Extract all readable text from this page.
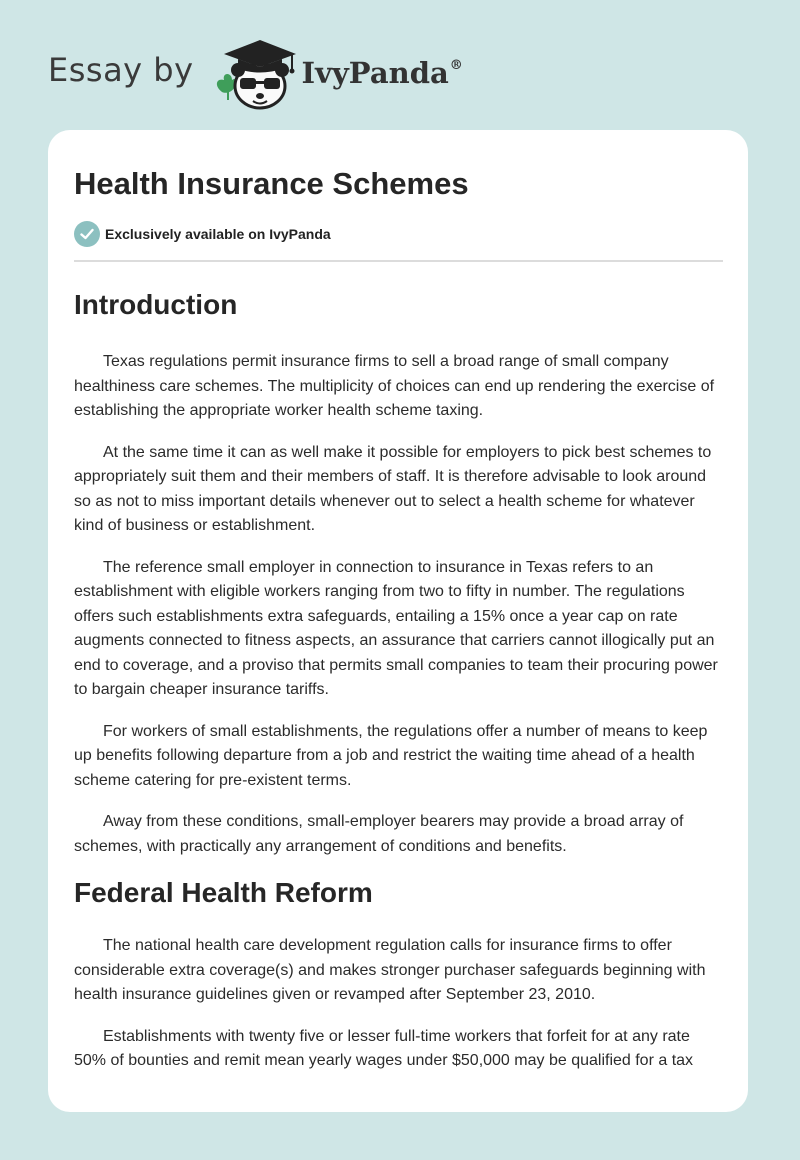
Essay by	IvyPanda®
Health Insurance Schemes
Exclusively available on IvyPanda
Introduction

Texas regulations permit insurance firms to sell a broad range of small company healthiness care schemes. The multiplicity of choices can end up rendering the exercise of establishing the appropriate worker health scheme taxing.

At the same time it can as well make it possible for employers to pick best schemes to appropriately suit them and their members of staff. It is therefore advisable to look around so as not to miss important details whenever out to select a health scheme for whatever kind of business or establishment.

The reference small employer in connection to insurance in Texas refers to an establishment with eligible workers ranging from two to fifty in number. The regulations offers such establishments extra safeguards, entailing a 15% once a year cap on rate augments connected to fitness aspects, an assurance that carriers cannot illogically put an end to coverage, and a proviso that permits small companies to team their procuring power to bargain cheaper insurance tariffs.

For workers of small establishments, the regulations offer a number of means to keep up benefits following departure from a job and restrict the waiting time ahead of a health scheme catering for pre-existent terms.

Away from these conditions, small-employer bearers may provide a broad array of schemes, with practically any arrangement of conditions and benefits.

Federal Health Reform

The national health care development regulation calls for insurance firms to offer considerable extra coverage(s) and makes stronger purchaser safeguards beginning with health insurance guidelines given or revamped after September 23, 2010.

Establishments with twenty five or lesser full-time workers that forfeit for at any rate 50% of bounties and remit mean yearly wages under $50,000 may be qualified for a tax
